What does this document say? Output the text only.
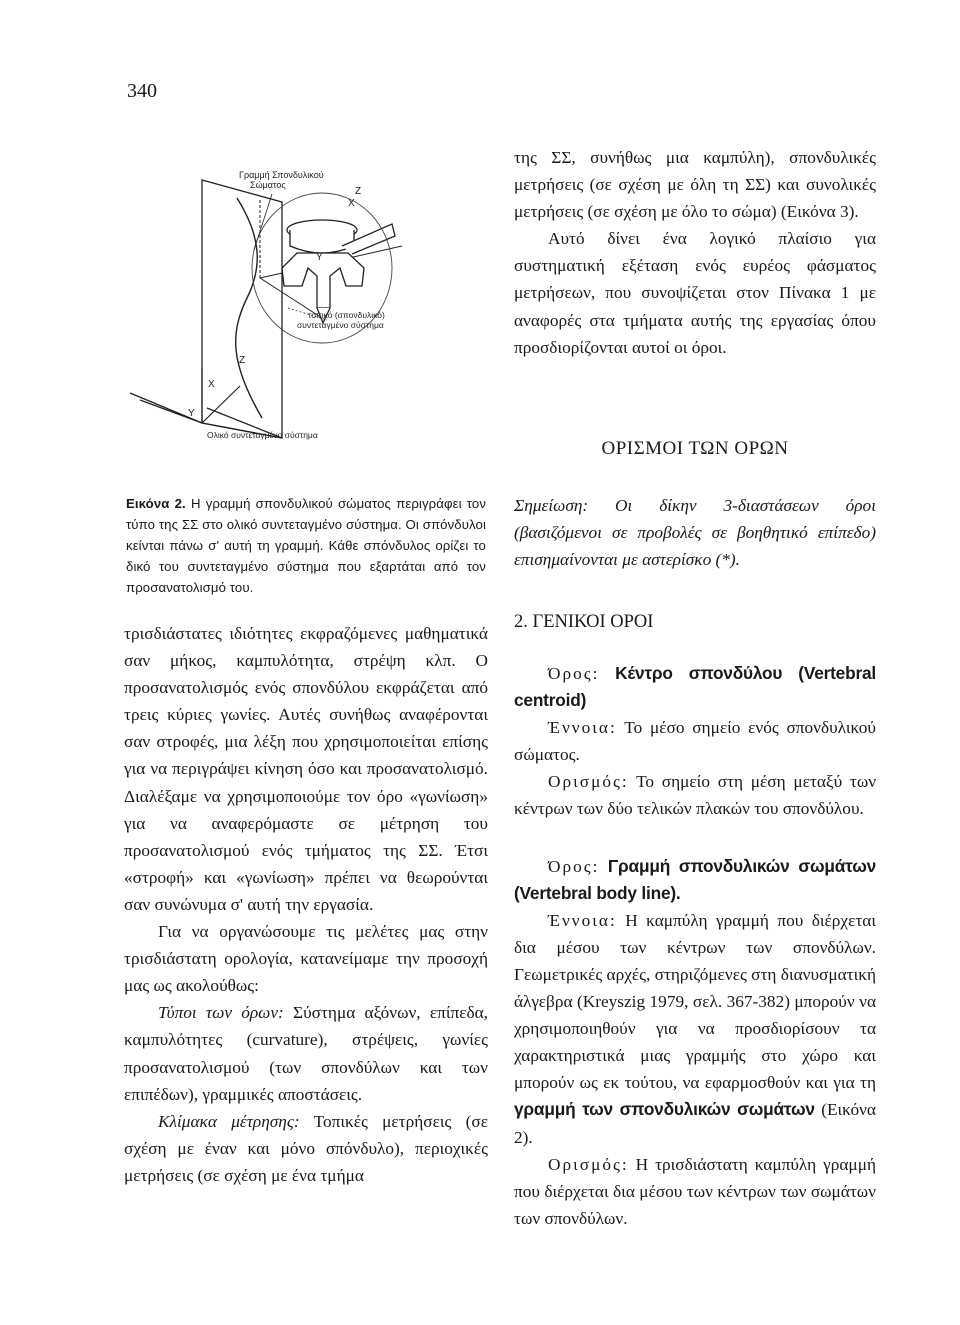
340
Γραμμή Σπονδυλικού Σώματος
τοπικό (σπονδυλικό) συντεταγμένο σύστημα
Ολικό συντεταγμένο σύστημα
Z
X
Y
Z
X
Y
Εικόνα 2. Η γραμμή σπονδυλικού σώματος περιγράφει τον τύπο της ΣΣ στο ολικό συντεταγμένο σύστημα. Οι σπόνδυλοι κείνται πάνω σ' αυτή τη γραμμή. Κάθε σπόνδυλος ορίζει το δικό του συντεταγμένο σύστημα που εξαρτάται από τον προσανατολισμό του.

τρισδιάστατες ιδιότητες εκφραζόμενες μαθηματικά σαν μήκος, καμπυλότητα, στρέψη κλπ. Ο προσανατολισμός ενός σπονδύλου εκφράζεται από τρεις κύριες γωνίες. Αυτές συνήθως αναφέρονται σαν στροφές, μια λέξη που χρησιμοποιείται επίσης για να περιγράψει κίνηση όσο και προσανατολισμό. Διαλέξαμε να χρησιμοποιούμε τον όρο «γωνίωση» για να αναφερόμαστε σε μέτρηση του προσανατολισμού ενός τμήματος της ΣΣ. Έτσι «στροφή» και «γωνίωση» πρέπει να θεωρούνται σαν συνώνυμα σ' αυτή την εργασία.

Για να οργανώσουμε τις μελέτες μας στην τρισδιάστατη ορολογία, κατανείμαμε την προσοχή μας ως ακολούθως:

Τύποι των όρων: Σύστημα αξόνων, επίπεδα, καμπυλότητες (curvature), στρέψεις, γωνίες προσανατολισμού (των σπονδύλων και των επιπέδων), γραμμικές αποστάσεις.

Κλίμακα μέτρησης: Τοπικές μετρήσεις (σε σχέση με έναν και μόνο σπόνδυλο), περιοχικές μετρήσεις (σε σχέση με ένα τμήμα

της ΣΣ, συνήθως μια καμπύλη), σπονδυλικές μετρήσεις (σε σχέση με όλη τη ΣΣ) και συνολικές μετρήσεις (σε σχέση με όλο το σώμα) (Εικόνα 3).

Αυτό δίνει ένα λογικό πλαίσιο για συστηματική εξέταση ενός ευρέος φάσματος μετρήσεων, που συνοψίζεται στον Πίνακα 1 με αναφορές στα τμήματα αυτής της εργασίας όπου προσδιορίζονται αυτοί οι όροι.

ΟΡΙΣΜΟΙ ΤΩΝ ΟΡΩΝ
Σημείωση: Οι δίκην 3-διαστάσεων όροι (βασιζόμενοι σε προβολές σε βοηθητικό επίπεδο) επισημαίνονται με αστερίσκο (*).
2. ΓΕΝΙΚΟΙ ΟΡΟΙ

Όρος: Κέντρο σπονδύλου (Vertebral centroid)

Έννοια: Το μέσο σημείο ενός σπονδυλικού σώματος.

Ορισμός: Το σημείο στη μέση μεταξύ των κέντρων των δύο τελικών πλακών του σπονδύλου.

Όρος: Γραμμή σπονδυλικών σωμάτων (Vertebral body line).

Έννοια: Η καμπύλη γραμμή που διέρχεται δια μέσου των κέντρων των σπονδύλων. Γεωμετρικές αρχές, στηριζόμενες στη διανυσματική άλγεβρα (Kreyszig 1979, σελ. 367-382) μπορούν να χρησιμοποιηθούν για να προσδιορίσουν τα χαρακτηριστικά μιας γραμμής στο χώρο και μπορούν ως εκ τούτου, να εφαρμοσθούν και για τη γραμμή των σπονδυλικών σωμάτων (Εικόνα 2).

Ορισμός: Η τρισδιάστατη καμπύλη γραμμή που διέρχεται δια μέσου των κέντρων των σωμάτων των σπονδύλων.
